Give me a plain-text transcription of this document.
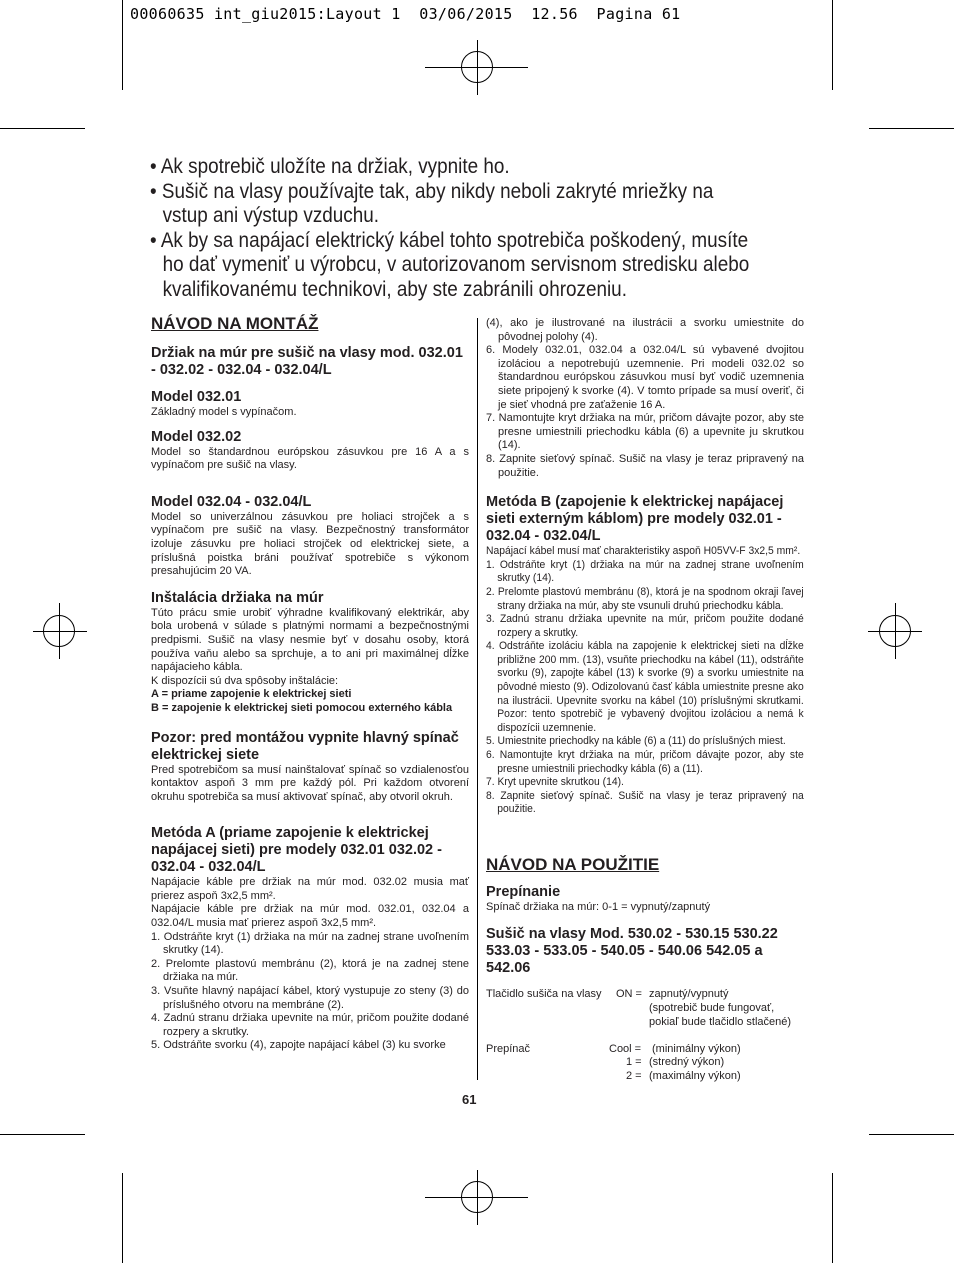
00060635 int_giu2015:Layout 1  03/06/2015  12.56  Pagina 61

• Ak spotrebič uložíte na držiak, vypnite ho.

• Sušič na vlasy používajte tak, aby nikdy neboli zakryté mriežky na vstup ani výstup vzduchu.

• Ak by sa napájací elektrický kábel tohto spotrebiča poškodený, musíte ho dať vymeniť u výrobcu, v autorizovanom servisnom stredisku alebo kvalifikovanému technikovi, aby ste zabránili ohrozeniu.

NÁVOD NA MONTÁŽ

Držiak na múr pre sušič na vlasy mod. 032.01 - 032.02 - 032.04 - 032.04/L

Model 032.01

Základný model s vypínačom.

Model 032.02

Model so štandardnou európskou zásuvkou pre 16 A a s vypínačom pre sušič na vlasy.

Model 032.04 - 032.04/L

Model so univerzálnou zásuvkou pre holiaci strojček a s vypínačom pre sušič na vlasy. Bezpečnostný transformátor izoluje zásuvku pre holiaci strojček od elektrickej siete, a príslušná poistka bráni používať spotrebiče s výkonom presahujúcim 20 VA.

Inštalácia držiaka na múr

Túto prácu smie urobiť výhradne kvalifikovaný elektrikár, aby bola urobená v súlade s platnými normami a bezpečnostnými predpismi. Sušič na vlasy nesmie byť v dosahu osoby, ktorá používa vaňu alebo sa sprchuje, a to ani pri maximálnej dĺžke napájacieho kábla.

K dispozícii sú dva spôsoby inštalácie:

A = priame zapojenie k elektrickej sieti

B = zapojenie k elektrickej sieti pomocou externého kábla

Pozor: pred montážou vypnite hlavný spínač elektrickej siete

Pred spotrebičom sa musí nainštalovať spínač so vzdialenosťou kontaktov aspoň 3 mm pre každý pól. Pri každom otvorení okruhu spotrebiča sa musí aktivovať spínač, aby otvoril okruh.

Metóda A (priame zapojenie k elektrickej napájacej sieti) pre modely 032.01 032.02 - 032.04 - 032.04/L

Napájacie káble pre držiak na múr mod. 032.02 musia mať prierez aspoň 3x2,5 mm².

Napájacie káble pre držiak na múr mod. 032.01, 032.04 a 032.04/L musia mať prierez aspoň 3x2,5 mm².

1. Odstráňte kryt (1) držiaka na múr na zadnej strane uvoľnením skrutky (14).

2. Prelomte plastovú membránu (2), ktorá je na zadnej stene držiaka na múr.

3. Vsuňte hlavný napájací kábel, ktorý vystupuje zo steny (3) do príslušného otvoru na membráne (2).

4. Zadnú stranu držiaka upevnite na múr, pričom použite dodané rozpery a skrutky.

5. Odstráňte svorku (4), zapojte napájací kábel (3) ku svorke

(4), ako je ilustrované na ilustrácii a svorku umiestnite do pôvodnej polohy (4).

6. Modely 032.01, 032.04 a 032.04/L sú vybavené dvojitou izoláciou a nepotrebujú uzemnenie. Pri modeli 032.02 so štandardnou európskou zásuvkou musí byť vodič uzemnenia siete pripojený k svorke (4). V tomto prípade sa musí overiť, či je sieť vhodná pre zaťaženie 16 A.

7. Namontujte kryt držiaka na múr, pričom dávajte pozor, aby ste presne umiestnili priechodku kábla (6) a upevnite ju skrutkou (14).

8. Zapnite sieťový spínač. Sušič na vlasy je teraz pripravený na použitie.

Metóda B (zapojenie k elektrickej napájacej sieti externým káblom) pre modely 032.01 - 032.04 - 032.04/L

Napájací kábel musí mať charakteristiky aspoň H05VV-F 3x2,5 mm².

1. Odstráňte kryt (1) držiaka na múr na zadnej strane uvoľnením skrutky (14).

2. Prelomte plastovú membránu (8), ktorá je na spodnom okraji ľavej strany držiaka na múr, aby ste vsunuli druhú priechodku kábla.

3. Zadnú stranu držiaka upevnite na múr, pričom použite dodané rozpery a skrutky.

4. Odstráňte izoláciu kábla na zapojenie k elektrickej sieti na dĺžke približne 200 mm. (13), vsuňte priechodku na kábel (11), odstráňte svorku (9), zapojte kábel (13) k svorke (9) a svorku umiestnite na pôvodné miesto (9). Odizolovanú časť kábla umiestnite presne ako na ilustrácii. Upevnite svorku na kábel (10) príslušnými skrutkami. Pozor: tento spotrebič je vybavený dvojitou izoláciou a nemá k dispozícii uzemnenie.

5. Umiestnite priechodky na káble (6) a (11) do príslušných miest.

6. Namontujte kryt držiaka na múr, pričom dávajte pozor, aby ste presne umiestnili priechodky kábla (6) a (11).

7. Kryt upevnite skrutkou (14).

8. Zapnite sieťový spínač. Sušič na vlasy je teraz pripravený na použitie.

NÁVOD NA POUŽITIE

Prepínanie

Spínač držiaka na múr: 0-1 = vypnutý/zapnutý

Sušič na vlasy Mod. 530.02 - 530.15 530.22 533.03 - 533.05 - 540.05 - 540.06 542.05 a 542.06

Tlačidlo sušiča na vlasy ON = zapnutý/vypnutý
(spotrebič bude fungovať,
pokiaľ bude tlačidlo stlačené)
Prepínač	Cool = (minimálny výkon)
1 = (stredný výkon)
2 = (maximálny výkon)
61
